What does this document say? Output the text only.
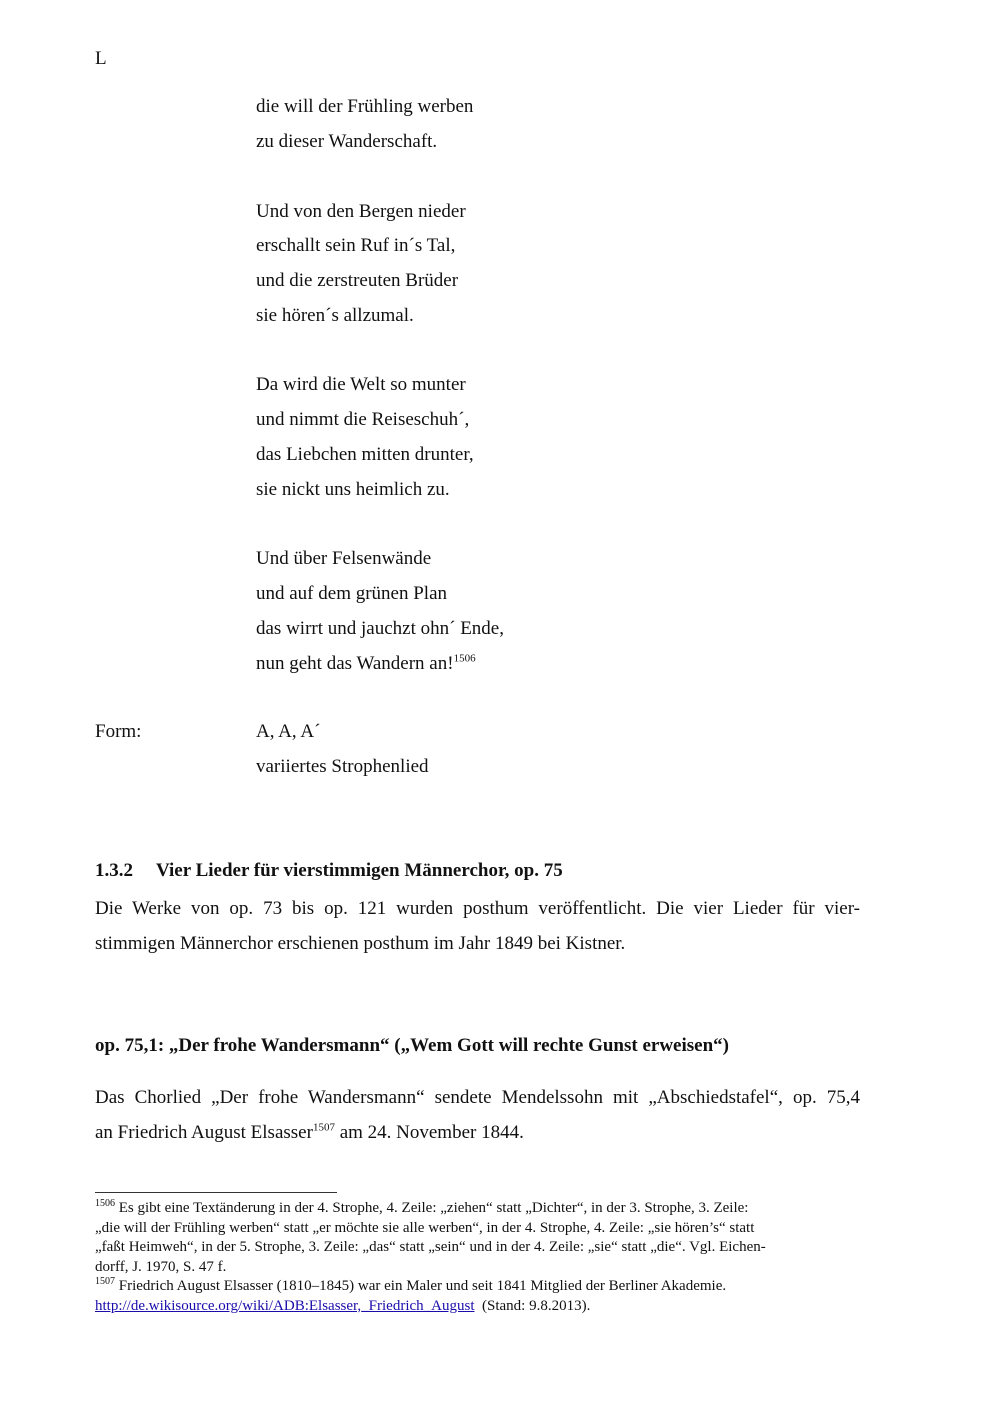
L
die will der Frühling werben
zu dieser Wanderschaft.
Und von den Bergen nieder
erschallt sein Ruf in´s Tal,
und die zerstreuten Brüder
sie hören´s allzumal.
Da wird die Welt so munter
und nimmt die Reiseschuh´,
das Liebchen mitten drunter,
sie nickt uns heimlich zu.
Und über Felsenwände
und auf dem grünen Plan
das wirrt und jauchzt ohn´ Ende,
nun geht das Wandern an!$^{1506}$
Form:	A, A, A´
variiertes Strophenlied
1.3.2 Vier Lieder für vierstimmigen Männerchor, op. 75
Die Werke von op. 73 bis op. 121 wurden posthum veröffentlicht. Die vier Lieder für vier-
stimmigen Männerchor erschienen posthum im Jahr 1849 bei Kistner.
op. 75,1: „Der frohe Wandersmann“ („Wem Gott will rechte Gunst erweisen“)
Das Chorlied „Der frohe Wandersmann“ sendete Mendelssohn mit „Abschiedstafel“, op. 75,4
an Friedrich August Elsasser$^{1507}$ am 24. November 1844.
$^{1506}$ Es gibt eine Textänderung in der 4. Strophe, 4. Zeile: „ziehen“ statt „Dichter“, in der 3. Strophe, 3. Zeile:
„die will der Frühling werben“ statt „er möchte sie alle werben“, in der 4. Strophe, 4. Zeile: „sie hören’s“ statt
„faßt Heimweh“, in der 5. Strophe, 3. Zeile: „das“ statt „sein“ und in der 4. Zeile: „sie“ statt „die“. Vgl. Eichen-
dorff, J. 1970, S. 47 f.
$^{1507}$ Friedrich August Elsasser (1810–1845) war ein Maler und seit 1841 Mitglied der Berliner Akademie.
http://de.wikisource.org/wiki/ADB:Elsasser,_Friedrich_August  (Stand: 9.8.2013).
